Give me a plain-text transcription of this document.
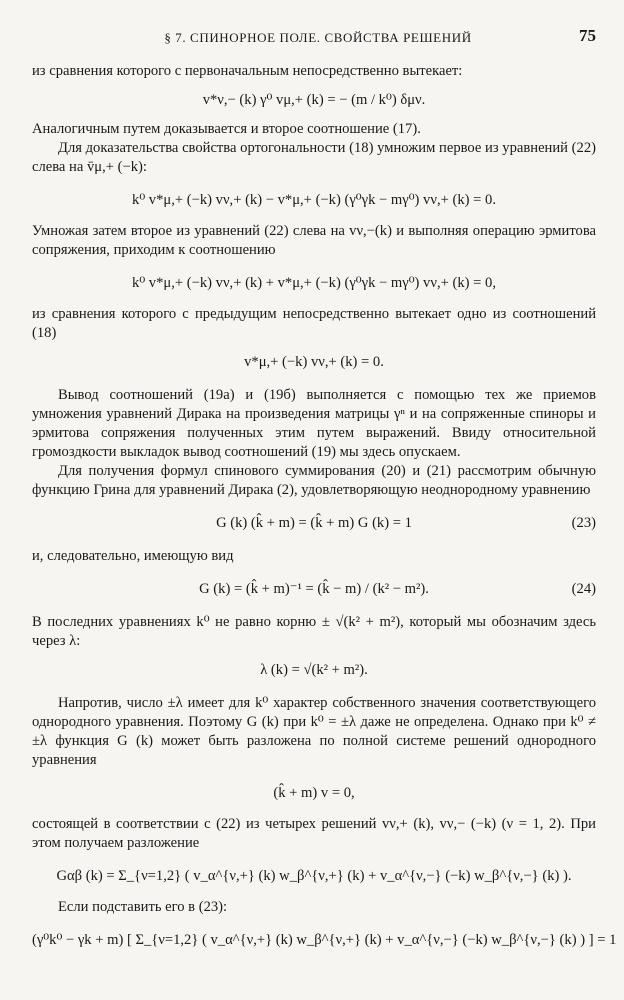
§ 7. СПИНОРНОЕ ПОЛЕ. СВОЙСТВА РЕШЕНИЙ	75

из сравнения которого с первоначальным непосредственно вытекает:

v*ν,− (k) γ⁰ vμ,+ (k) = − (m / k⁰) δμν.

Аналогичным путем доказывается и второе соотношение (17).

Для доказательства свойства ортогональности (18) умножим первое из уравнений (22) слева на v̄μ,+ (−k):

k⁰ v*μ,+ (−k) vν,+ (k) − v*μ,+ (−k) (γ⁰γk − mγ⁰) vν,+ (k) = 0.

Умножая затем второе из уравнений (22) слева на vν,−(k) и выполняя операцию эрмитова сопряжения, приходим к соотношению

k⁰ v*μ,+ (−k) vν,+ (k) + v*μ,+ (−k) (γ⁰γk − mγ⁰) vν,+ (k) = 0,

из сравнения которого с предыдущим непосредственно вытекает одно из соотношений (18)

v*μ,+ (−k) vν,+ (k) = 0.

Вывод соотношений (19а) и (19б) выполняется с помощью тех же приемов умножения уравнений Дирака на произведения матрицы γⁿ и на сопряженные спиноры и эрмитова сопряжения полученных этим путем выражений. Ввиду относительной громоздкости выкладок вывод соотношений (19) мы здесь опускаем.

Для получения формул спинового суммирования (20) и (21) рассмотрим обычную функцию Грина для уравнений Дирака (2), удовлетворяющую неоднородному уравнению

G (k) (k̂ + m) = (k̂ + m) G (k) = 1	(23)

и, следовательно, имеющую вид

G (k) = (k̂ + m)⁻¹ = (k̂ − m) / (k² − m²).	(24)

В последних уравнениях k⁰ не равно корню ± √(k² + m²), который мы обозначим здесь через λ:

λ (k) = √(k² + m²).

Напротив, число ±λ имеет для k⁰ характер собственного значения соответствующего однородного уравнения. Поэтому G (k) при k⁰ = ±λ даже не определена. Однако при k⁰ ≠ ±λ функция G (k) может быть разложена по полной системе решений однородного уравнения

(k̂ + m) v = 0,

состоящей в соответствии с (22) из четырех решений vν,+ (k), vν,− (−k) (ν = 1, 2). При этом получаем разложение

Gαβ (k) = Σ_{ν=1,2} ( v_α^{ν,+} (k) w_β^{ν,+} (k) + v_α^{ν,−} (−k) w_β^{ν,−} (k) ).

Если подставить его в (23):

(γ⁰k⁰ − γk + m) [ Σ_{ν=1,2} ( v_α^{ν,+} (k) w_β^{ν,+} (k) + v_α^{ν,−} (−k) w_β^{ν,−} (k) ) ] = 1
